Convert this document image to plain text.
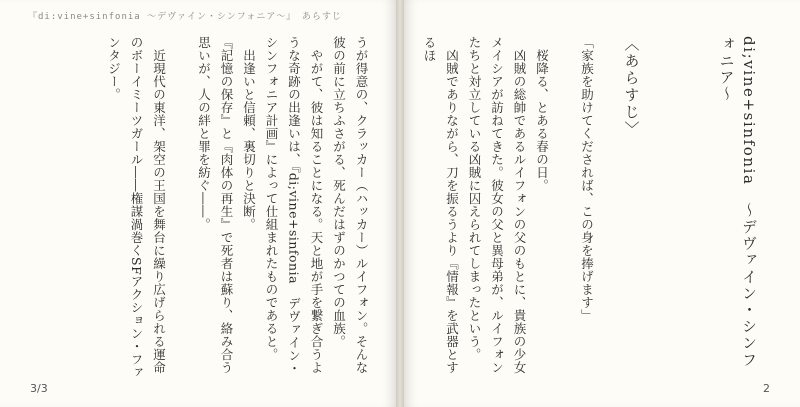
『di:vine+sinfonia ～デヴァイン・シンフォニア～』　あらすじ

うが得意の、クラッカー（ハッカー）ルイフォン。そんな彼の前に立ちふさがる、死んだはずのかつての血族。

やがて、彼は知ることになる。天と地が手を繋ぎ合うような奇跡の出逢いは、『di;vine+sinfonia　デヴァイン・シンフォニア計画』によって仕組まれたものであると。

出逢いと信頼、裏切りと決断。

『記憶の保存』と『肉体の再生』で死者は蘇り、絡み合う思いが、人の絆と罪を紡ぐ――。

近現代の東洋、架空の王国を舞台に繰り広げられる運命のボーイミーツガール――権謀渦巻くSFアクション・ファンタジー。

3/3

di;vine+sinfonia　～デヴァイン・シンフォニア～

〈あらすじ〉

「家族を助けてくだされば、この身を捧げます」

桜降る、とある春の日。

凶賊の総帥であるルイフォンの父のもとに、貴族の少女メイシアが訪ねてきた。彼女の父と異母弟が、ルイフォンたちと対立している凶賊に囚えられてしまったという。

凶賊でありながら、刀を振るうより『情報』を武器とするほ

2
